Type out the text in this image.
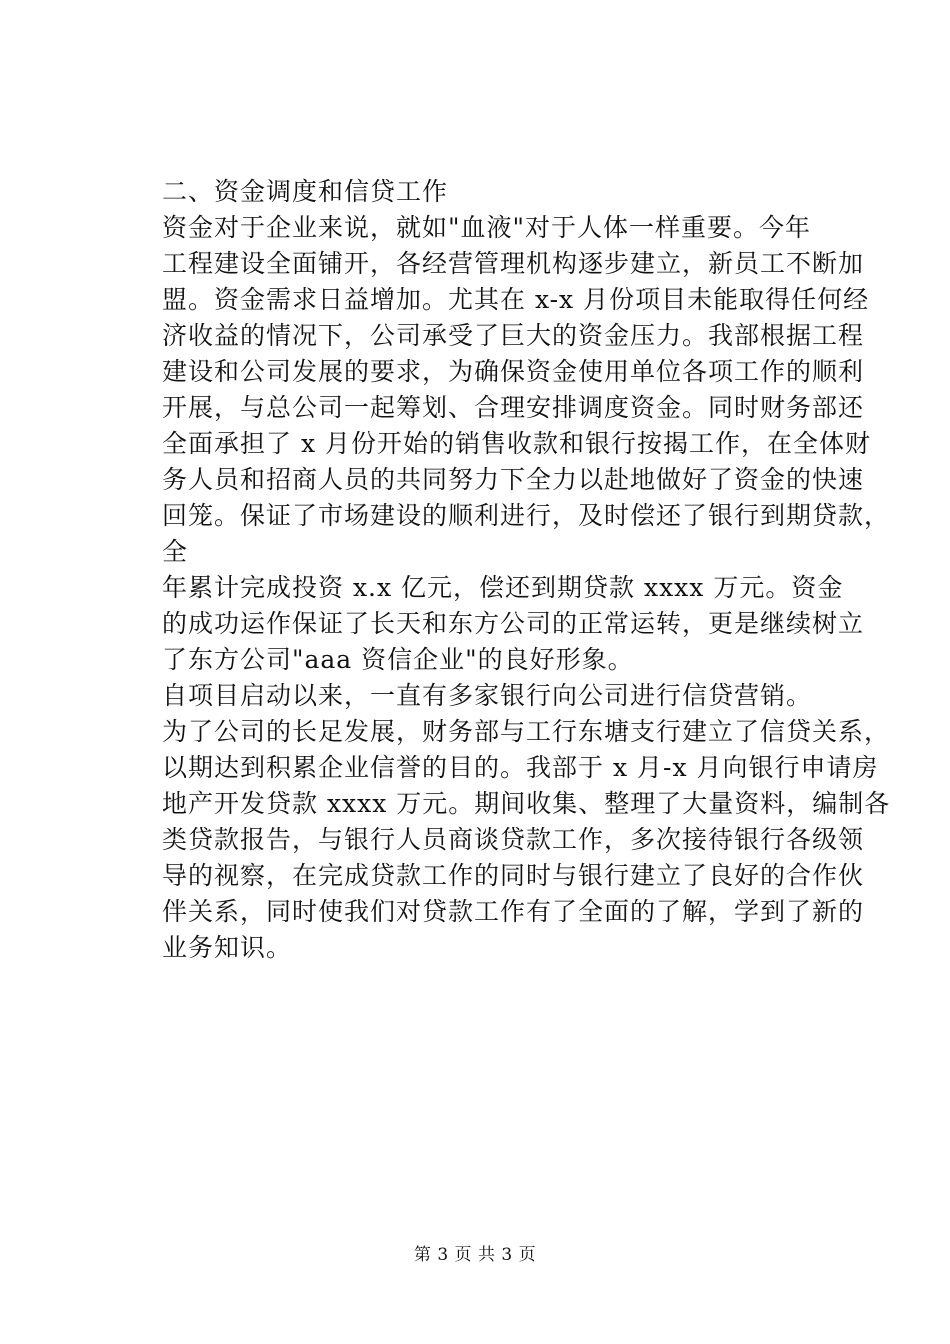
二、资金调度和信贷工作

资金对于企业来说，就如"血液"对于人体一样重要。今年
工程建设全面铺开，各经营管理机构逐步建立，新员工不断加
盟。资金需求日益增加。尤其在 x-x 月份项目未能取得任何经
济收益的情况下，公司承受了巨大的资金压力。我部根据工程
建设和公司发展的要求，为确保资金使用单位各项工作的顺利
开展，与总公司一起筹划、合理安排调度资金。同时财务部还
全面承担了 x 月份开始的销售收款和银行按揭工作，在全体财
务人员和招商人员的共同努力下全力以赴地做好了资金的快速
回笼。保证了市场建设的顺利进行，及时偿还了银行到期贷款，
全

年累计完成投资 x.x 亿元，偿还到期贷款 xxxx 万元。资金
的成功运作保证了长天和东方公司的正常运转，更是继续树立
了东方公司"aaa 资信企业"的良好形象。

自项目启动以来，一直有多家银行向公司进行信贷营销。
为了公司的长足发展，财务部与工行东塘支行建立了信贷关系，
以期达到积累企业信誉的目的。我部于 x 月-x 月向银行申请房
地产开发贷款 xxxx 万元。期间收集、整理了大量资料，编制各
类贷款报告，与银行人员商谈贷款工作，多次接待银行各级领
导的视察，在完成贷款工作的同时与银行建立了良好的合作伙
伴关系，同时使我们对贷款工作有了全面的了解，学到了新的
业务知识。

第 3 页 共 3 页
